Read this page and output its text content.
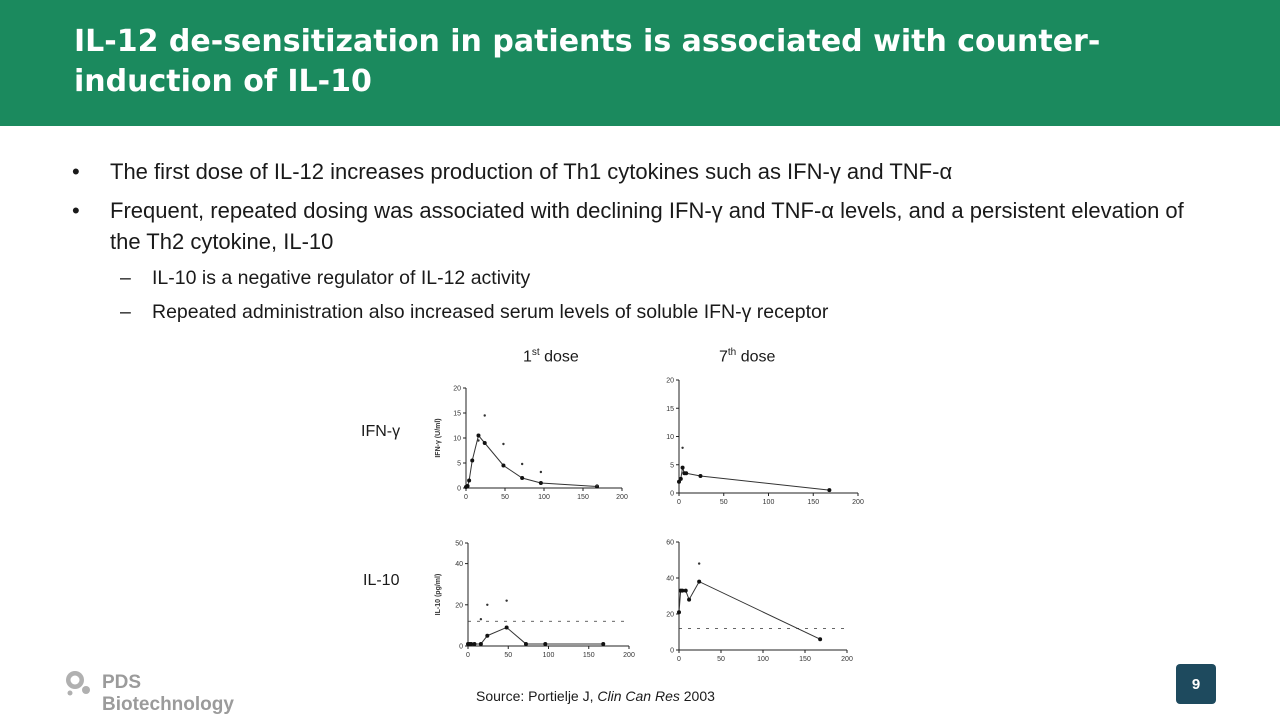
IL-12 de-sensitization in patients is associated with counter-induction of IL-10
• The first dose of IL-12 increases production of Th1 cytokines such as IFN-γ and TNF-α
• Frequent, repeated dosing was associated with declining IFN-γ and TNF-α levels, and a persistent elevation of the Th2 cytokine, IL-10
– IL-10 is a negative regulator of IL-12 activity
– Repeated administration also increased serum levels of soluble IFN-γ receptor
1st dose	7th dose
IFN-γ
IL-10
0	50	100	150	200
0
5
10
15
20
IFN-γ (U/ml)
0	50	100	150	200
0
5
10
15
20
0	50	100	150	200
0
20
40
50
IL-10 (pg/ml)
0	50	100	150	200
0
20
40
60
Source: Portielje J, Clin Can Res 2003
PDS Biotechnology
9
